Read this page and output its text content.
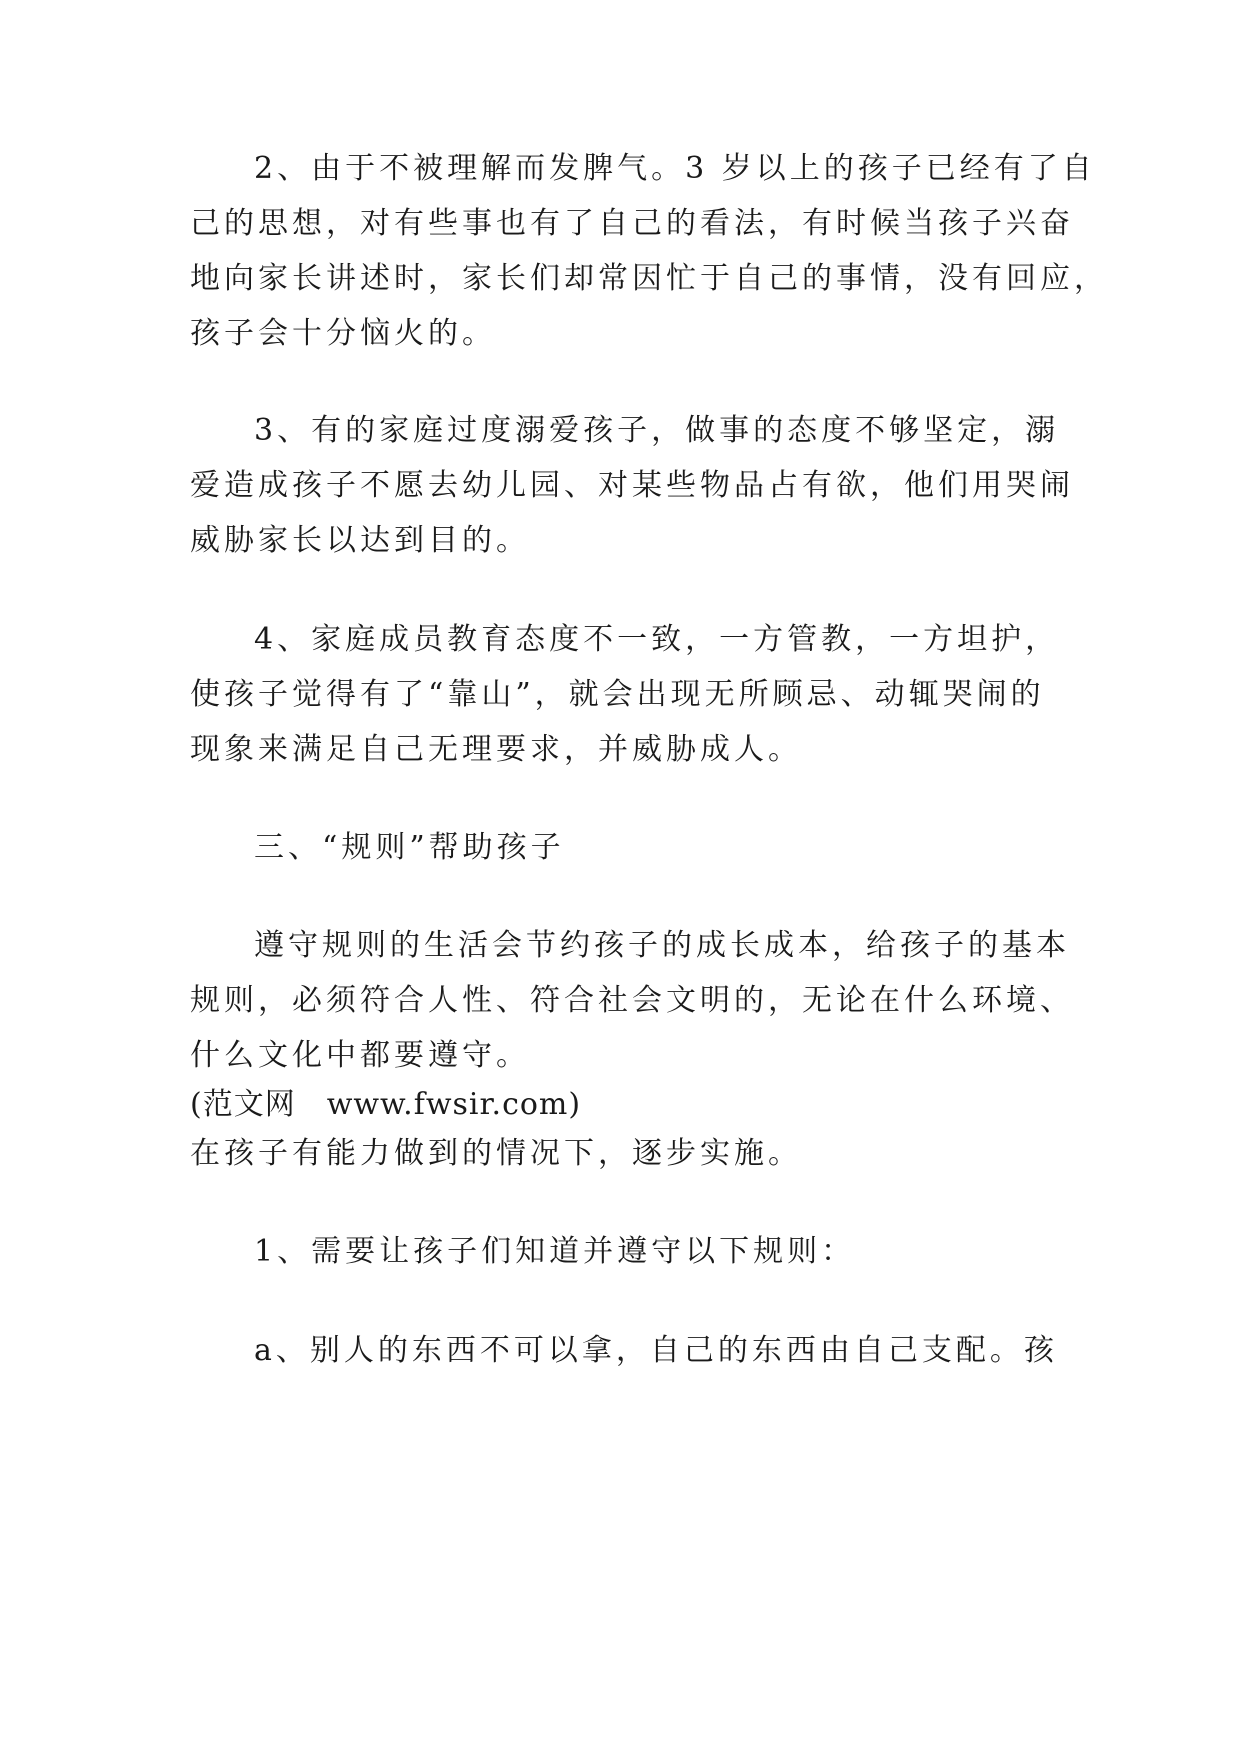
2、由于不被理解而发脾气。3 岁以上的孩子已经有了自
己的思想，对有些事也有了自己的看法，有时候当孩子兴奋
地向家长讲述时，家长们却常因忙于自己的事情，没有回应，
孩子会十分恼火的。
3、有的家庭过度溺爱孩子，做事的态度不够坚定，溺
爱造成孩子不愿去幼儿园、对某些物品占有欲，他们用哭闹
威胁家长以达到目的。
4、家庭成员教育态度不一致，一方管教，一方坦护，
使孩子觉得有了“靠山”，就会出现无所顾忌、动辄哭闹的
现象来满足自己无理要求，并威胁成人。
三、“规则”帮助孩子
遵守规则的生活会节约孩子的成长成本，给孩子的基本
规则，必须符合人性、符合社会文明的，无论在什么环境、
什么文化中都要遵守。
(范文网　www.fwsir.com)
在孩子有能力做到的情况下，逐步实施。
1、需要让孩子们知道并遵守以下规则：
a、别人的东西不可以拿，自己的东西由自己支配。孩
